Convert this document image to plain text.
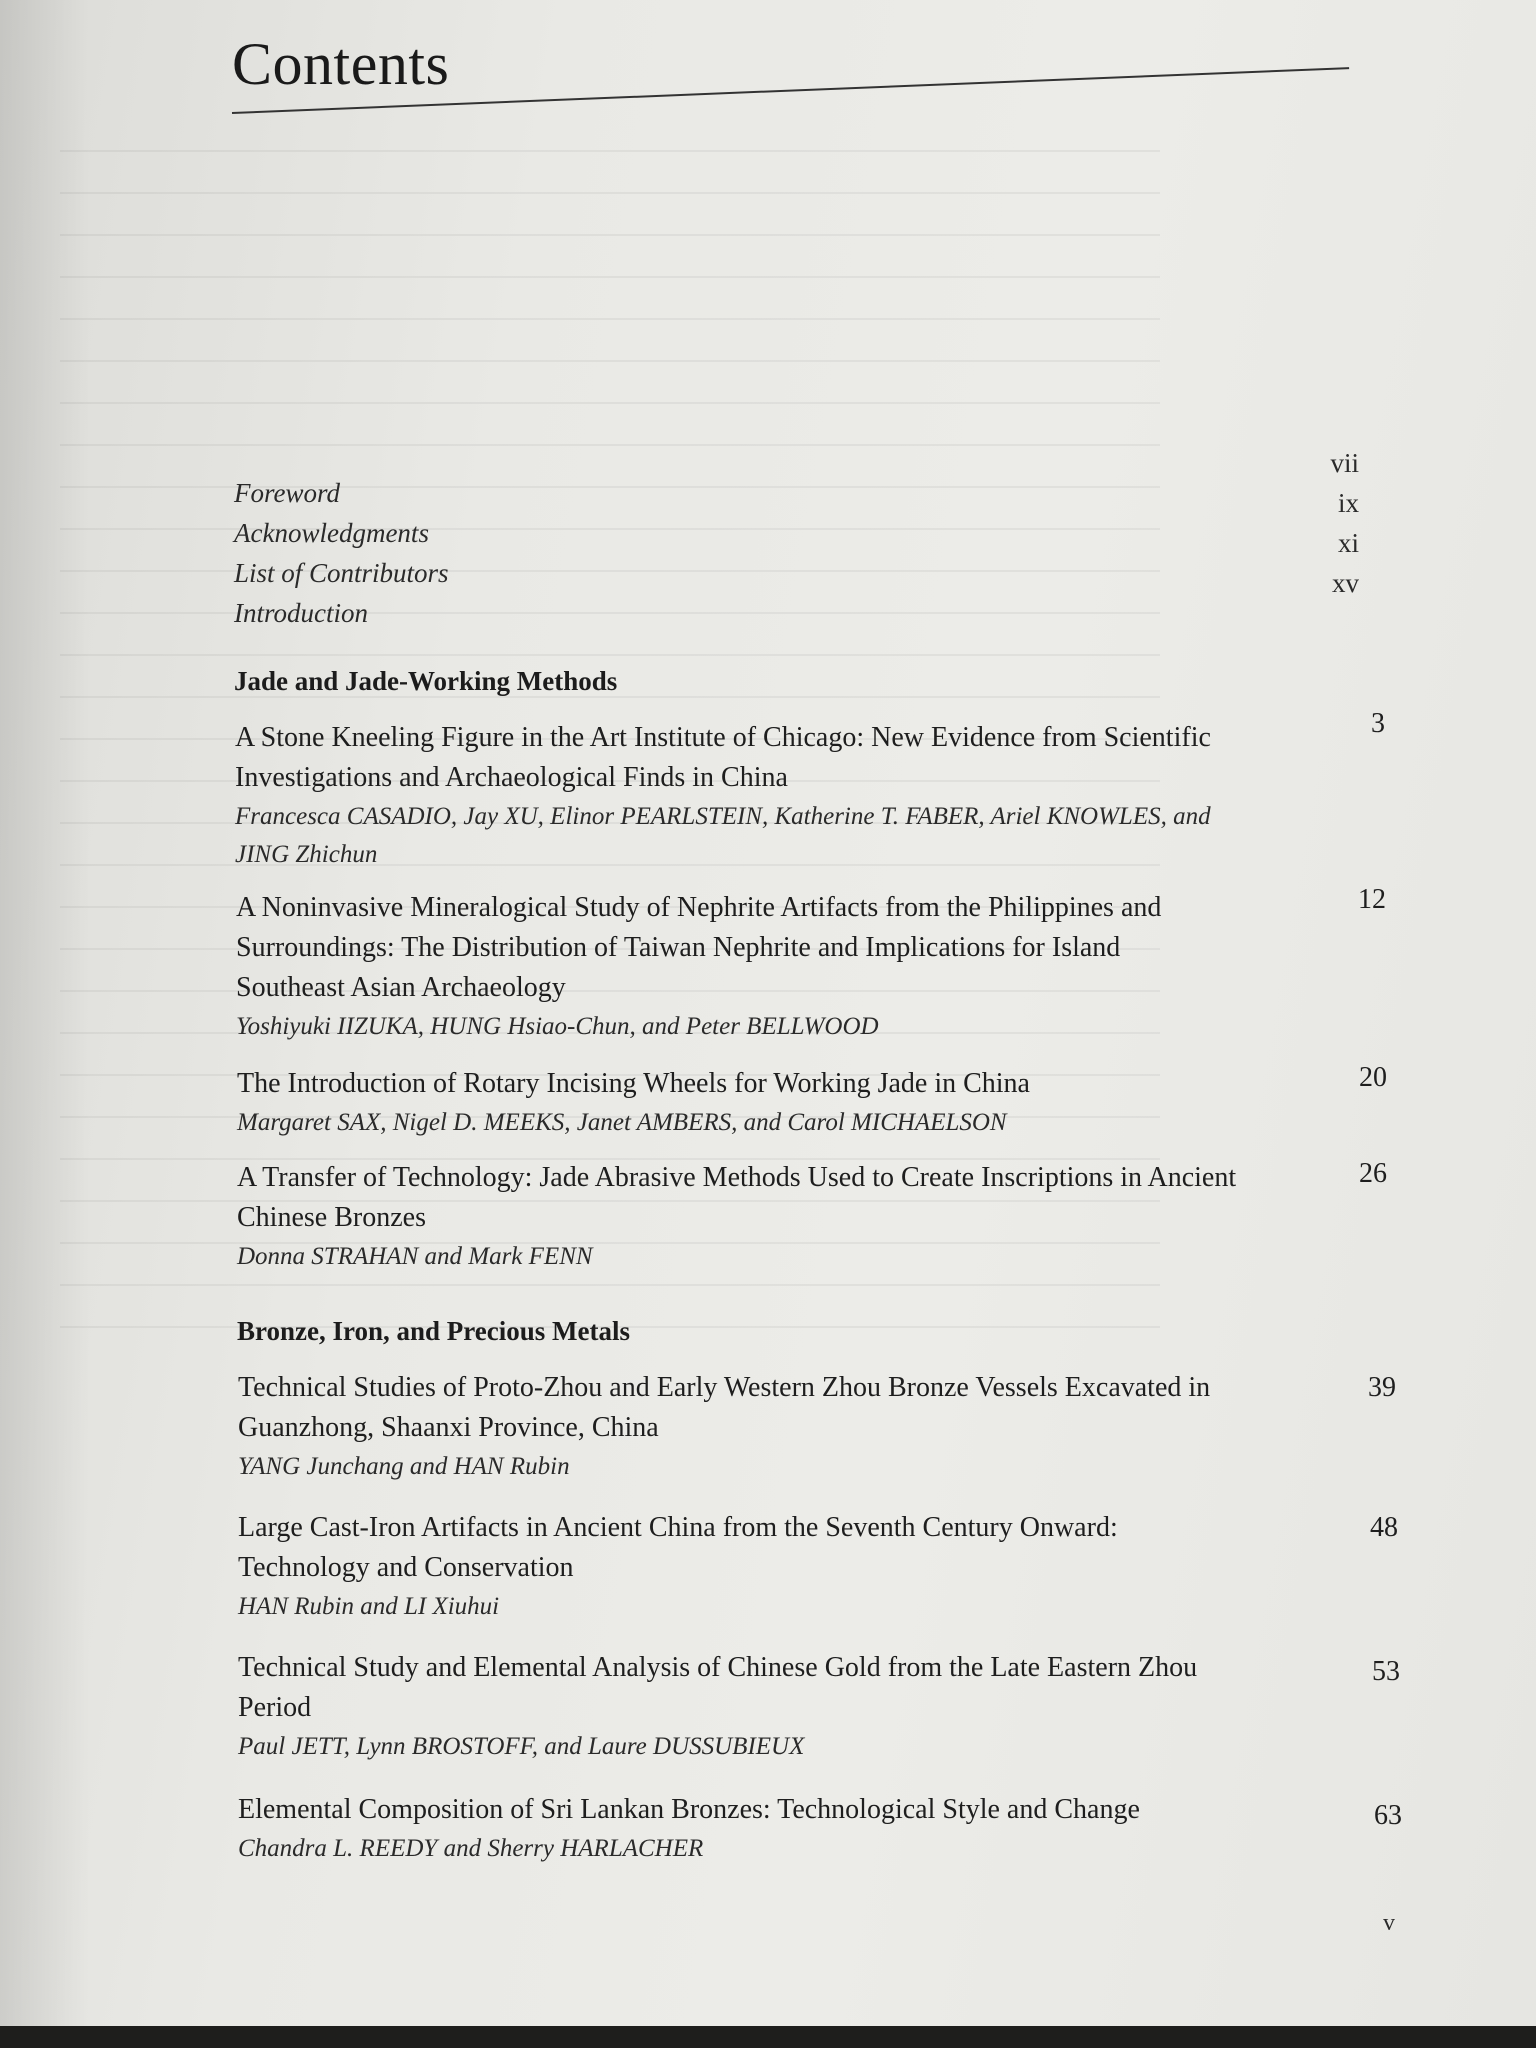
Contents
Foreword
vii
Acknowledgments
ix
List of Contributors
xi
Introduction
xv
Jade and Jade-Working Methods
A Stone Kneeling Figure in the Art Institute of Chicago: New Evidence from Scientific Investigations and Archaeological Finds in China
Francesca CASADIO, Jay XU, Elinor PEARLSTEIN, Katherine T. FABER, Ariel KNOWLES, and JING Zhichun
3
A Noninvasive Mineralogical Study of Nephrite Artifacts from the Philippines and Surroundings: The Distribution of Taiwan Nephrite and Implications for Island Southeast Asian Archaeology
Yoshiyuki IIZUKA, HUNG Hsiao-Chun, and Peter BELLWOOD
12
The Introduction of Rotary Incising Wheels for Working Jade in China
Margaret SAX, Nigel D. MEEKS, Janet AMBERS, and Carol MICHAELSON
20
A Transfer of Technology: Jade Abrasive Methods Used to Create Inscriptions in Ancient Chinese Bronzes
Donna STRAHAN and Mark FENN
26
Bronze, Iron, and Precious Metals
Technical Studies of Proto-Zhou and Early Western Zhou Bronze Vessels Excavated in Guanzhong, Shaanxi Province, China
YANG Junchang and HAN Rubin
39
Large Cast-Iron Artifacts in Ancient China from the Seventh Century Onward: Technology and Conservation
HAN Rubin and LI Xiuhui
48
Technical Study and Elemental Analysis of Chinese Gold from the Late Eastern Zhou Period
Paul JETT, Lynn BROSTOFF, and Laure DUSSUBIEUX
53
Elemental Composition of Sri Lankan Bronzes: Technological Style and Change
Chandra L. REEDY and Sherry HARLACHER
63
v
